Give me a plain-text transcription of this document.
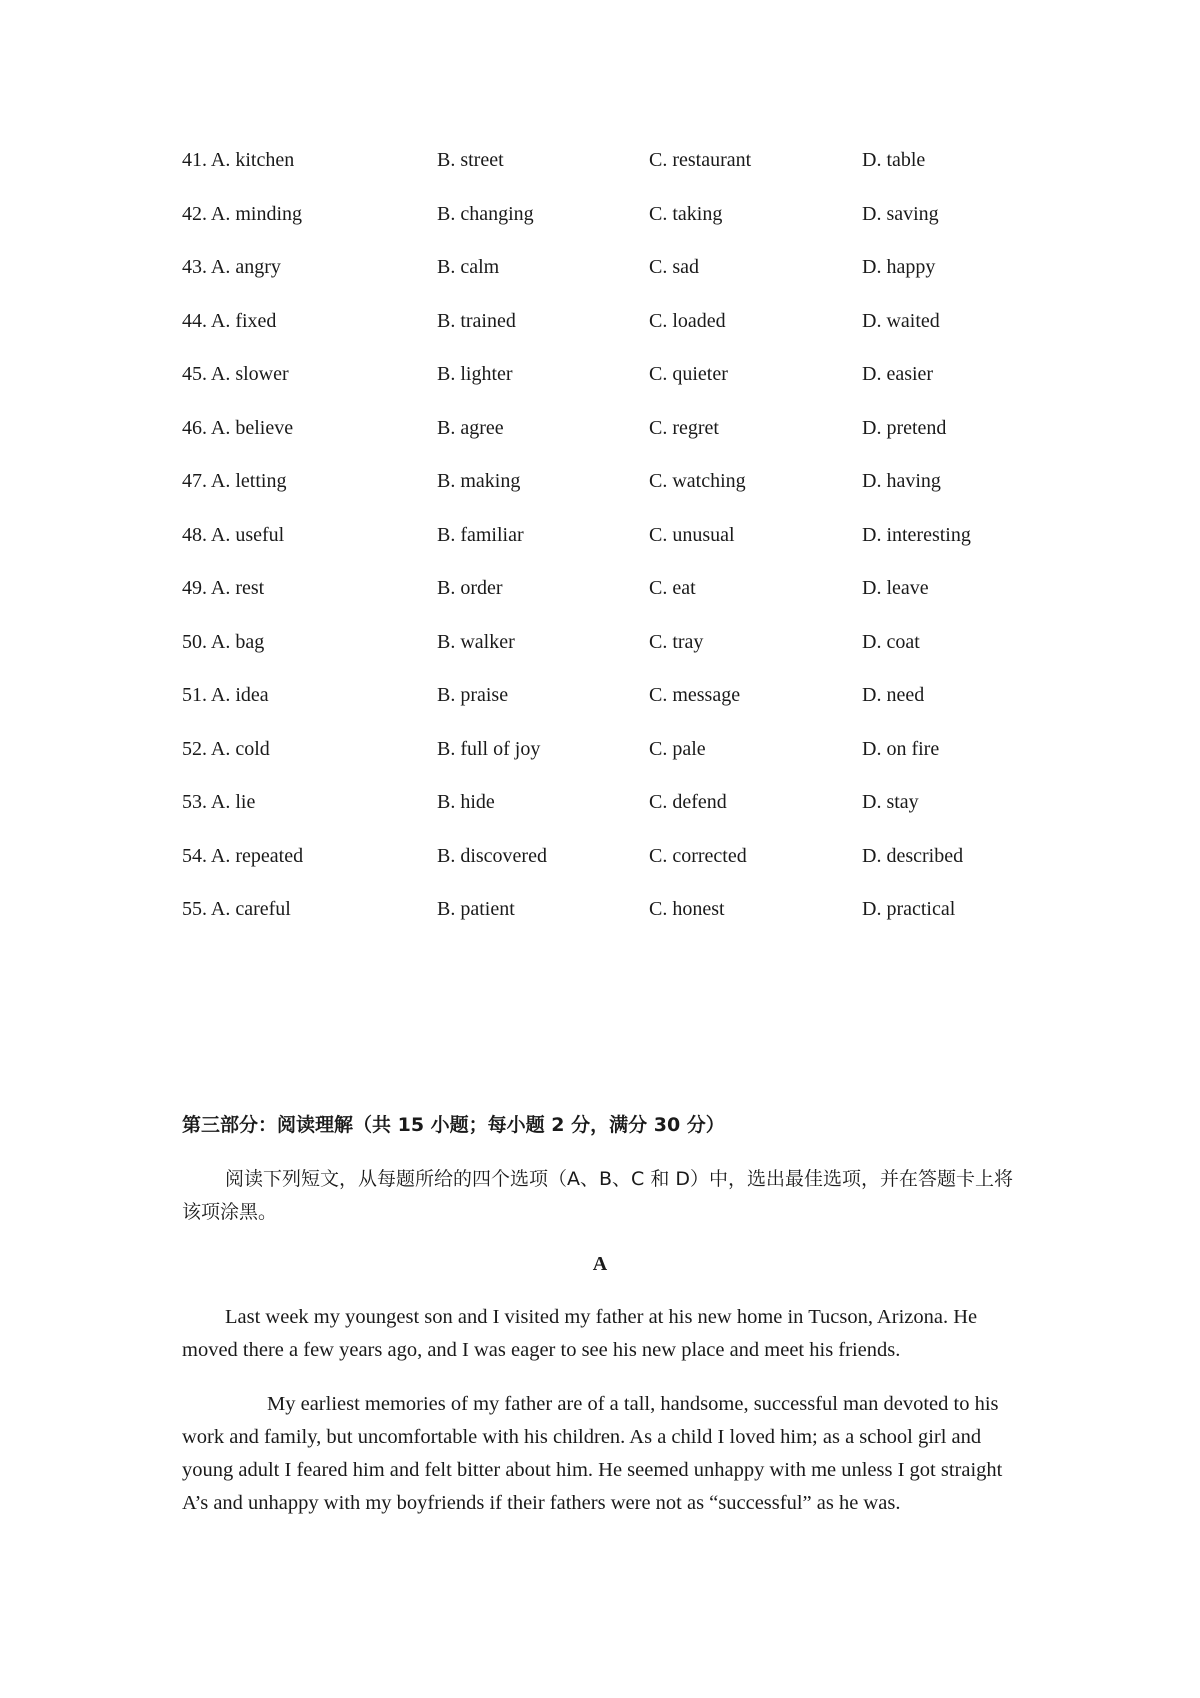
41. A. kitchen	B. street	C. restaurant	D. table
42. A. minding	B. changing	C. taking	D. saving
43. A. angry	B. calm	C. sad	D. happy
44. A. fixed	B. trained	C. loaded	D. waited
45. A. slower	B. lighter	C. quieter	D. easier
46. A. believe	B. agree	C. regret	D. pretend
47. A. letting	B. making	C. watching	D. having
48. A. useful	B. familiar	C. unusual	D. interesting
49. A. rest	B. order	C. eat	D. leave
50. A. bag	B. walker	C. tray	D. coat
51. A. idea	B. praise	C. message	D. need
52. A. cold	B. full of joy	C. pale	D. on fire
53. A. lie	B. hide	C. defend	D. stay
54. A. repeated	B. discovered	C. corrected	D. described
55. A. careful	B. patient	C. honest	D. practical
第三部分：阅读理解（共 15 小题；每小题 2 分，满分 30 分）
阅读下列短文，从每题所给的四个选项（A、B、C 和 D）中，选出最佳选项，并在答题卡上将该项涂黑。
A
Last week my youngest son and I visited my father at his new home in Tucson, Arizona. He moved there a few years ago, and I was eager to see his new place and meet his friends.
My earliest memories of my father are of a tall, handsome, successful man devoted to his work and family, but uncomfortable with his children. As a child I loved him; as a school girl and young adult I feared him and felt bitter about him. He seemed unhappy with me unless I got straight A’s and unhappy with my boyfriends if their fathers were not as “successful” as he was.
